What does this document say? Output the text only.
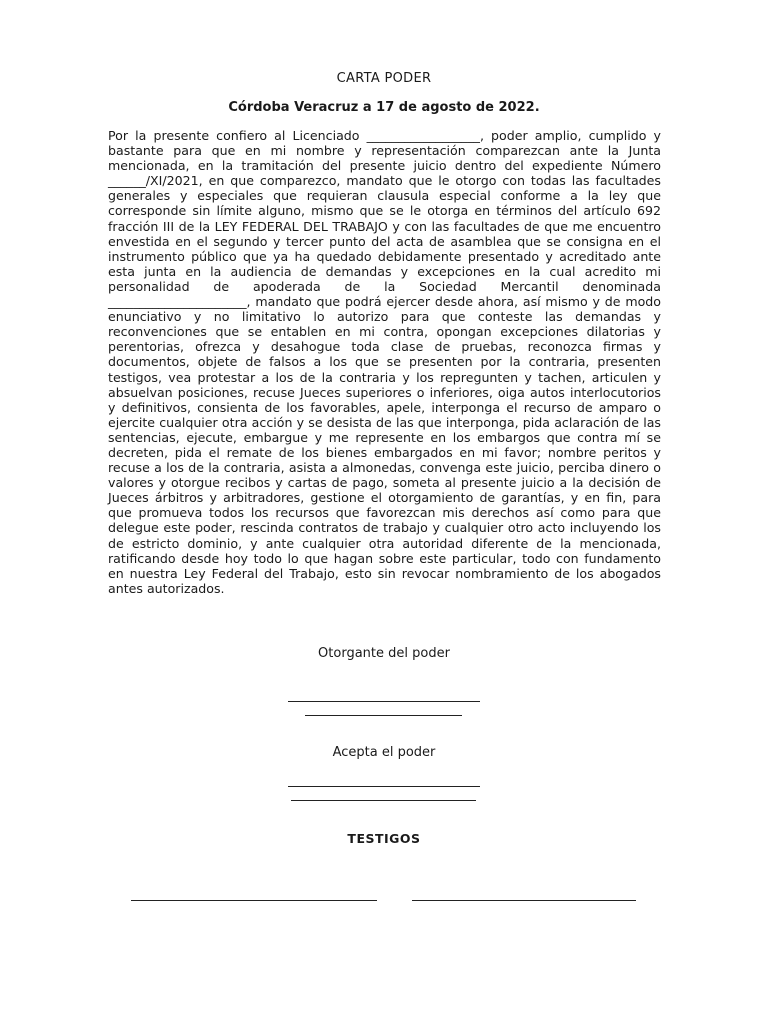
CARTA PODER
Córdoba Veracruz a 17 de agosto de 2022.

Por la presente confiero al Licenciado __________________, poder amplio, cumplido y bastante para que en mi nombre y representación comparezcan ante la Junta mencionada, en la tramitación del presente juicio dentro del expediente Número ______/XI/2021, en que comparezco, mandato que le otorgo con todas las facultades generales y especiales que requieran clausula especial conforme a la ley que corresponde sin límite alguno, mismo que se le otorga en términos del artículo 692 fracción III de la LEY FEDERAL DEL TRABAJO y con las facultades de que me encuentro envestida en el segundo y tercer punto del acta de asamblea que se consigna en el instrumento público que ya ha quedado debidamente presentado y acreditado ante esta junta en la audiencia de demandas y excepciones en la cual acredito mi personalidad de apoderada de la Sociedad Mercantil denominada ______________________, mandato que podrá ejercer desde ahora, así mismo y de modo enunciativo y no limitativo lo autorizo para que conteste las demandas y reconvenciones que se entablen en mi contra, opongan excepciones dilatorias y perentorias, ofrezca y desahogue toda clase de pruebas, reconozca firmas y documentos, objete de falsos a los que se presenten por la contraria, presenten testigos, vea protestar a los de la contraria y los repregunten y tachen, articulen y absuelvan posiciones, recuse Jueces superiores o inferiores, oiga autos interlocutorios y definitivos, consienta de los favorables, apele, interponga el recurso de amparo o ejercite cualquier otra acción y se desista de las que interponga, pida aclaración de las sentencias, ejecute, embargue y me represente en los embargos que contra mí se decreten, pida el remate de los bienes embargados en mi favor; nombre peritos y recuse a los de la contraria, asista a almonedas, convenga este juicio, perciba dinero o valores y otorgue recibos y cartas de pago, sometа al presente juicio a la decisión de Jueces árbitros y arbitradores, gestione el otorgamiento de garantías, y en fin, para que promueva todos los recursos que favorezcan mis derechos así como para que delegue este poder, rescinda contratos de trabajo y cualquier otro acto incluyendo los de estricto dominio, y ante cualquier otra autoridad diferente de la mencionada, ratificando desde hoy todo lo que hagan sobre este particular, todo con fundamento en nuestra Ley Federal del Trabajo, esto sin revocar nombramiento de los abogados antes autorizados.

Otorgante del poder
Acepta el poder
TESTIGOS
